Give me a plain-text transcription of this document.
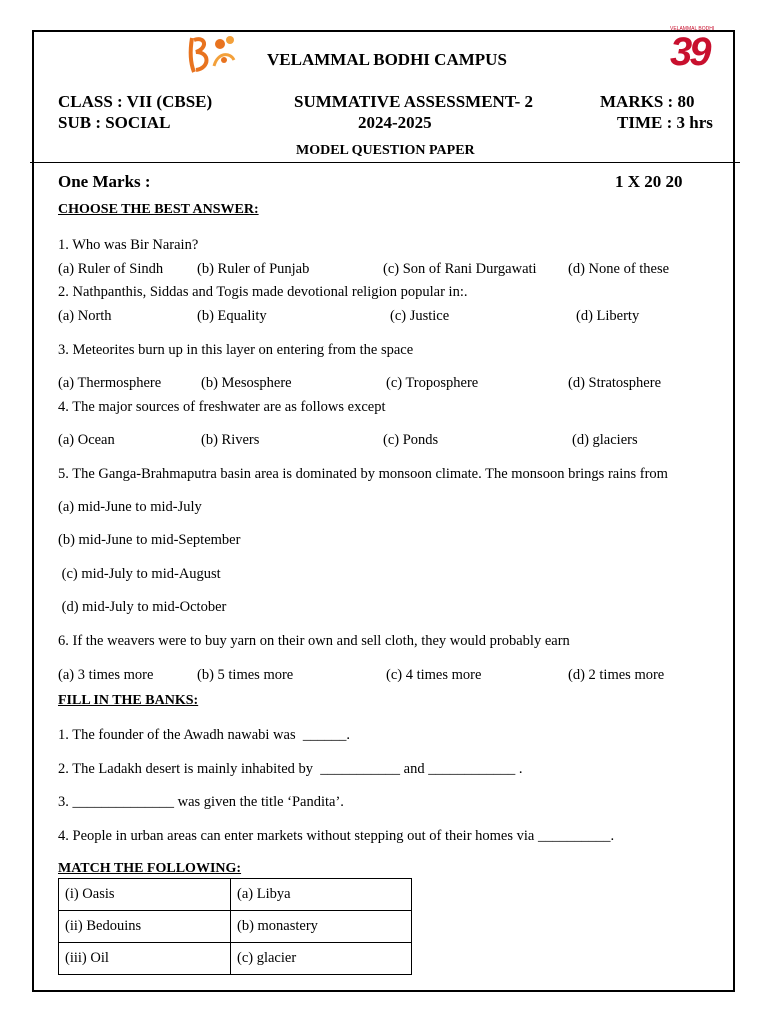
VELAMMAL BODHI CAMPUS
VELAMMAL BODHI
39
CLASS : VII (CBSE)
SUB : SOCIAL
SUMMATIVE ASSESSMENT- 2
2024-2025
MARKS : 80
TIME : 3 hrs
MODEL QUESTION PAPER
One Marks :	1 X 20 20
CHOOSE THE BEST ANSWER:
1. Who was Bir Narain?
(a) Ruler of Sindh (b) Ruler of Punjab	(c) Son of Rani Durgawati (d) None of these
2. Nathpanthis, Siddas and Togis made devotional religion popular in:.
(a) North	(b) Equality	(c) Justice	(d) Liberty
3. Meteorites burn up in this layer on entering from the space
(a) Thermosphere	(b) Mesosphere	(c) Troposphere	(d) Stratosphere
4. The major sources of freshwater are as follows except
(a) Ocean	(b) Rivers	(c) Ponds	(d) glaciers
5. The Ganga-Brahmaputra basin area is dominated by monsoon climate. The monsoon brings rains from
(a) mid-June to mid-July
(b) mid-June to mid-September
(c) mid-July to mid-August
(d) mid-July to mid-October
6. If the weavers were to buy yarn on their own and sell cloth, they would probably earn
(a) 3 times more	(b) 5 times more	(c) 4 times more	(d) 2 times more
FILL IN THE BANKS:
1. The founder of the Awadh nawabi was  ______.
2. The Ladakh desert is mainly inhabited by  ___________ and ____________ .
3. ______________ was given the title ‘Pandita’.
4. People in urban areas can enter markets without stepping out of their homes via __________.
MATCH THE FOLLOWING:
(i) Oasis	(a) Libya
(ii) Bedouins	(b) monastery
(iii) Oil	(c) glacier
